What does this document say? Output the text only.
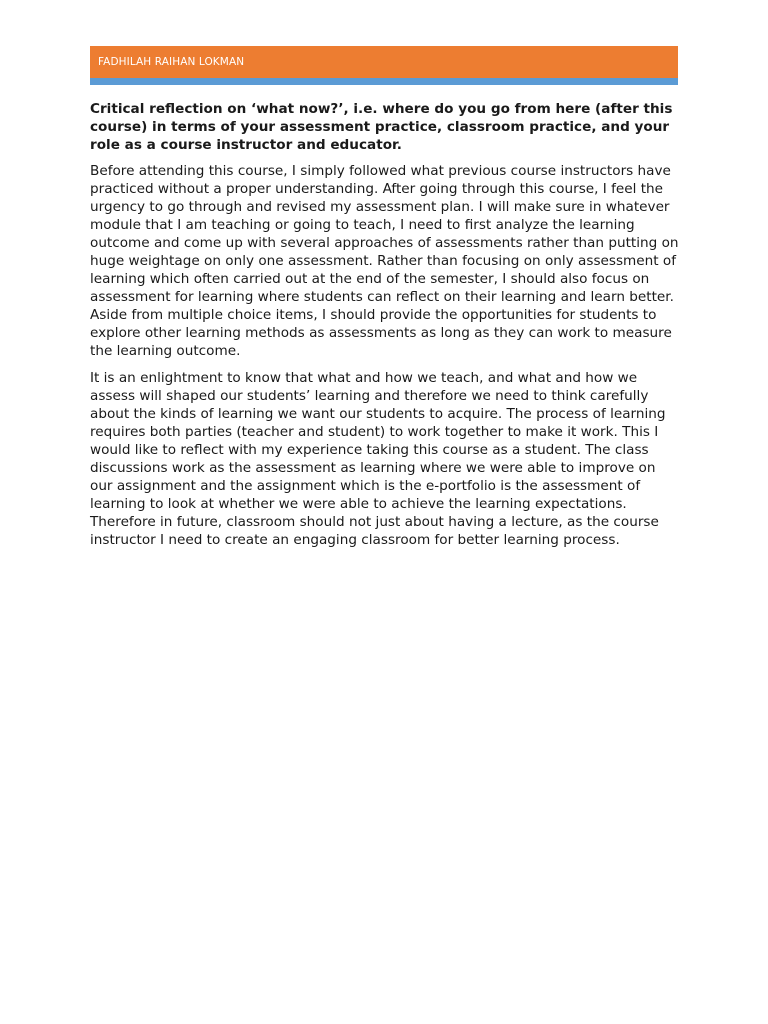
FADHILAH RAIHAN LOKMAN

Critical reflection on ‘what now?’, i.e. where do you go from here (after this course) in terms of your assessment practice, classroom practice, and your role as a course instructor and educator.

Before attending this course, I simply followed what previous course instructors have practiced without a proper understanding. After going through this course, I feel the urgency to go through and revised my assessment plan. I will make sure in whatever module that I am teaching or going to teach, I need to first analyze the learning outcome and come up with several approaches of assessments rather than putting on huge weightage on only one assessment. Rather than focusing on only assessment of learning which often carried out at the end of the semester, I should also focus on assessment for learning where students can reflect on their learning and learn better. Aside from multiple choice items, I should provide the opportunities for students to explore other learning methods as assessments as long as they can work to measure the learning outcome.

It is an enlightment to know that what and how we teach, and what and how we assess will shaped our students’ learning and therefore we need to think carefully about the kinds of learning we want our students to acquire. The process of learning requires both parties (teacher and student) to work together to make it work. This I would like to reflect with my experience taking this course as a student. The class discussions work as the assessment as learning where we were able to improve on our assignment and the assignment which is the e-portfolio is the assessment of learning to look at whether we were able to achieve the learning expectations. Therefore in future, classroom should not just about having a lecture, as the course instructor I need to create an engaging classroom for better learning process.
